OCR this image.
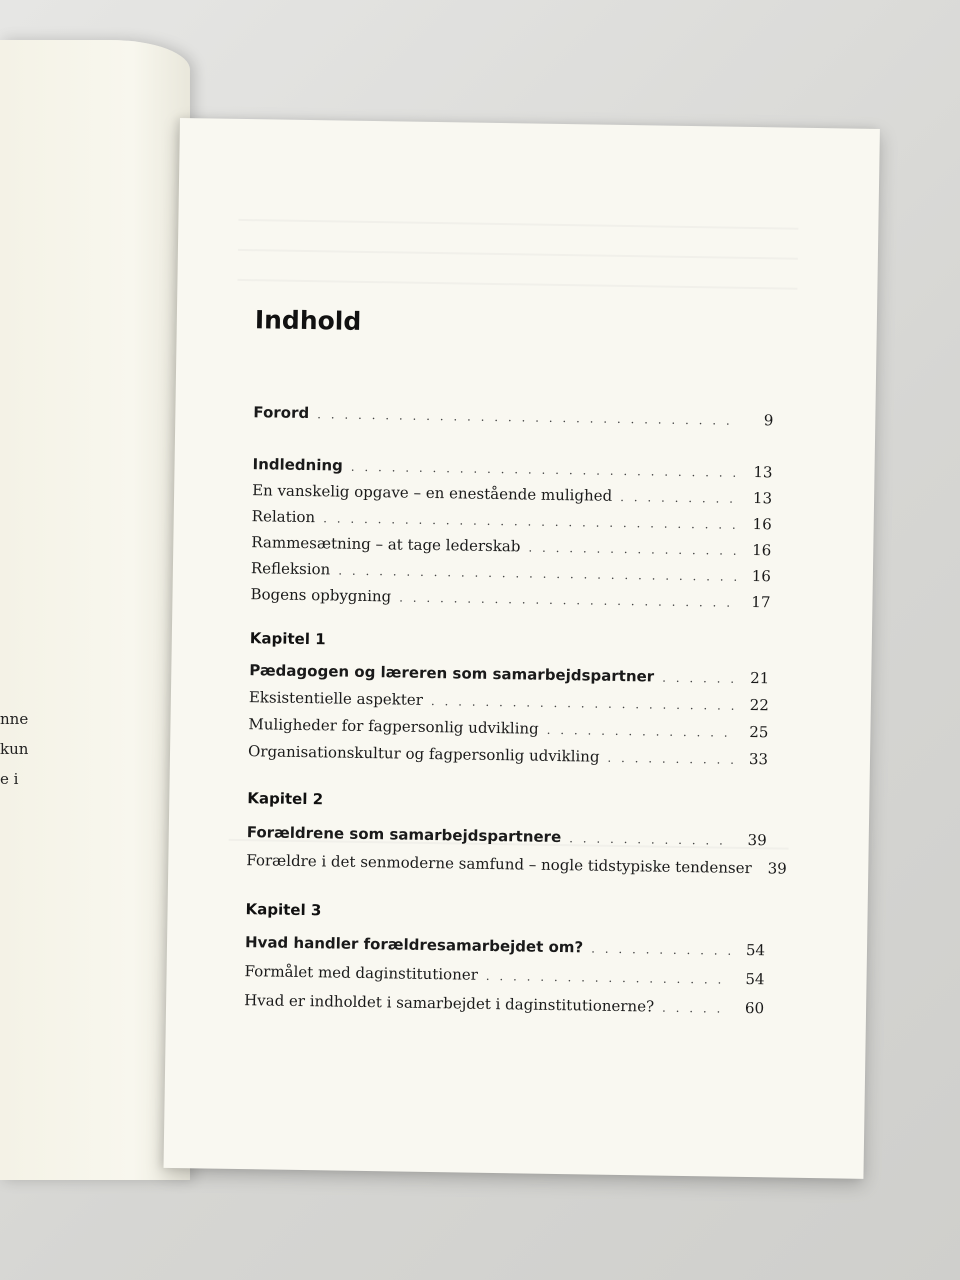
nne
kun
e i
Indhold
Forord . . .	9
Indledning . . .	13
En vanskelig opgave – en enestående mulighed . . .	13
Relation . . .	16
Rammesætning – at tage lederskab . . .	16
Refleksion . . .	16
Bogens opbygning . . .	17
Kapitel 1
Pædagogen og læreren som samarbejdspartner . . .	21
Eksistentielle aspekter . . .	22
Muligheder for fagpersonlig udvikling . . .	25
Organisationskultur og fagpersonlig udvikling . . .	33
Kapitel 2
Forældrene som samarbejdspartnere . . .	39
Forældre i det senmoderne samfund – nogle tidstypiske tendenser . . . 39
Kapitel 3
Hvad handler forældresamarbejdet om? . . .	54
Formålet med daginstitutioner . . .	54
Hvad er indholdet i samarbejdet i daginstitutionerne? . . .	60
